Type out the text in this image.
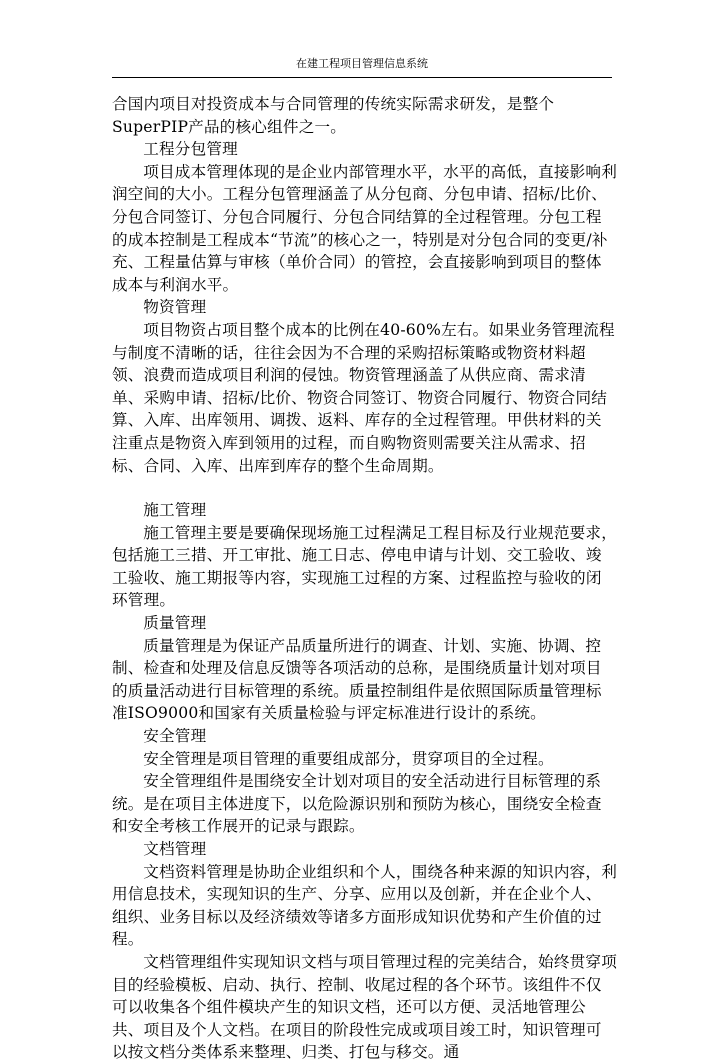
在建工程项目管理信息系统

合国内项目对投资成本与合同管理的传统实际需求研发，是整个SuperPIP产品的核心组件之一。

工程分包管理

项目成本管理体现的是企业内部管理水平，水平的高低，直接影响利润空间的大小。工程分包管理涵盖了从分包商、分包申请、招标/比价、分包合同签订、分包合同履行、分包合同结算的全过程管理。分包工程的成本控制是工程成本“节流”的核心之一，特别是对分包合同的变更/补充、工程量估算与审核（单价合同）的管控，会直接影响到项目的整体成本与利润水平。

物资管理

项目物资占项目整个成本的比例在40-60%左右。如果业务管理流程与制度不清晰的话，往往会因为不合理的采购招标策略或物资材料超领、浪费而造成项目利润的侵蚀。物资管理涵盖了从供应商、需求清单、采购申请、招标/比价、物资合同签订、物资合同履行、物资合同结算、入库、出库领用、调拨、返料、库存的全过程管理。甲供材料的关注重点是物资入库到领用的过程，而自购物资则需要关注从需求、招标、合同、入库、出库到库存的整个生命周期。

施工管理

施工管理主要是要确保现场施工过程满足工程目标及行业规范要求，包括施工三措、开工审批、施工日志、停电申请与计划、交工验收、竣工验收、施工期报等内容，实现施工过程的方案、过程监控与验收的闭环管理。

质量管理

质量管理是为保证产品质量所进行的调查、计划、实施、协调、控制、检查和处理及信息反馈等各项活动的总称，是围绕质量计划对项目的质量活动进行目标管理的系统。质量控制组件是依照国际质量管理标准ISO9000和国家有关质量检验与评定标准进行设计的系统。

安全管理

安全管理是项目管理的重要组成部分，贯穿项目的全过程。

安全管理组件是围绕安全计划对项目的安全活动进行目标管理的系统。是在项目主体进度下，以危险源识别和预防为核心，围绕安全检查和安全考核工作展开的记录与跟踪。

文档管理

文档资料管理是协助企业组织和个人，围绕各种来源的知识内容，利用信息技术，实现知识的生产、分享、应用以及创新，并在企业个人、组织、业务目标以及经济绩效等诸多方面形成知识优势和产生价值的过程。

文档管理组件实现知识文档与项目管理过程的完美结合，始终贯穿项目的经验模板、启动、执行、控制、收尾过程的各个环节。该组件不仅可以收集各个组件模块产生的知识文档，还可以方便、灵活地管理公共、项目及个人文档。在项目的阶段性完成或项目竣工时，知识管理可以按文档分类体系来整理、归类、打包与移交。通
